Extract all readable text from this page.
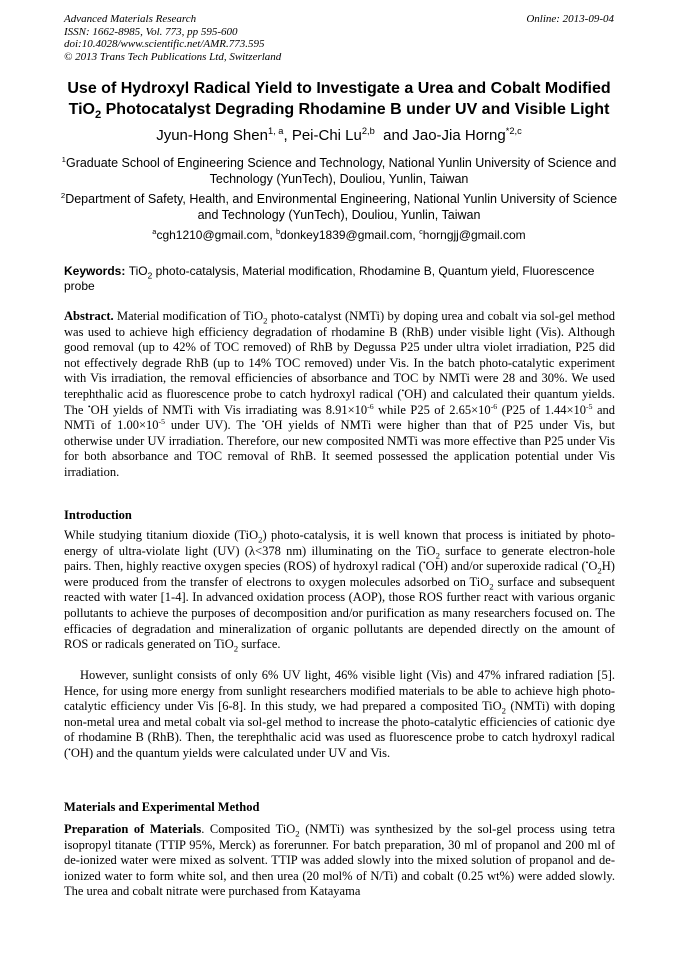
Advanced Materials Research
ISSN: 1662-8985, Vol. 773, pp 595-600
doi:10.4028/www.scientific.net/AMR.773.595
© 2013 Trans Tech Publications Ltd, Switzerland
Online: 2013-09-04
Use of Hydroxyl Radical Yield to Investigate a Urea and Cobalt Modified
TiO$_2$ Photocatalyst Degrading Rhodamine B under UV and Visible Light
Jyun-Hong Shen$^{1, a}$, Pei-Chi Lu$^{2,b}$ and Jao-Jia Horng$^{*2,c}$
$^1$Graduate School of Engineering Science and Technology, National Yunlin University of Science and Technology (YunTech), Douliou, Yunlin, Taiwan
$^2$Department of Safety, Health, and Environmental Engineering, National Yunlin University of Science and Technology (YunTech), Douliou, Yunlin, Taiwan
$^a$cgh1210@gmail.com, $^b$donkey1839@gmail.com, $^c$horngjj@gmail.com
Keywords: TiO$_2$ photo-catalysis, Material modification, Rhodamine B, Quantum yield, Fluorescence probe
Abstract. Material modification of TiO$_2$ photo-catalyst (NMTi) by doping urea and cobalt via sol-gel method was used to achieve high efficiency degradation of rhodamine B (RhB) under visible light (Vis). Although good removal (up to 42% of TOC removed) of RhB by Degussa P25 under ultra violet irradiation, P25 did not effectively degrade RhB (up to 14% TOC removed) under Vis. In the batch photo-catalytic experiment with Vis irradiation, the removal efficiencies of absorbance and TOC by NMTi were 28 and 30%. We used terephthalic acid as fluorescence probe to catch hydroxyl radical (•OH) and calculated their quantum yields. The •OH yields of NMTi with Vis irradiating was $8.91\times 10^{-6}$ while P25 of $2.65\times 10^{-6}$ (P25 of $1.44\times 10^{-5}$ and NMTi of $1.00\times 10^{-5}$ under UV). The •OH yields of NMTi were higher than that of P25 under Vis, but otherwise under UV irradiation. Therefore, our new composited NMTi was more effective than P25 under Vis for both absorbance and TOC removal of RhB. It seemed possessed the application potential under Vis irradiation.
Introduction
While studying titanium dioxide (TiO$_2$) photo-catalysis, it is well known that process is initiated by photo-energy of ultra-violate light (UV) (λ<378 nm) illuminating on the TiO$_2$ surface to generate electron-hole pairs. Then, highly reactive oxygen species (ROS) of hydroxyl radical (•OH) and/or superoxide radical $(^•O_2H)$ were produced from the transfer of electrons to oxygen molecules adsorbed on TiO$_2$ surface and subsequent reacted with water [1-4]. In advanced oxidation process (AOP), those ROS further react with various organic pollutants to achieve the purposes of decomposition and/or purification as many researchers focused on. The efficacies of degradation and mineralization of organic pollutants are depended directly on the amount of ROS or radicals generated on TiO$_2$ surface.
However, sunlight consists of only 6% UV light, 46% visible light (Vis) and 47% infrared radiation [5]. Hence, for using more energy from sunlight researchers modified materials to be able to achieve high photo-catalytic efficiency under Vis [6-8]. In this study, we had prepared a composited TiO$_2$ (NMTi) with doping non-metal urea and metal cobalt via sol-gel method to increase the photo-catalytic efficiencies of cationic dye of rhodamine B (RhB). Then, the terephthalic acid was used as fluorescence probe to catch hydroxyl radical (•OH) and the quantum yields were calculated under UV and Vis.
Materials and Experimental Method
Preparation of Materials. Composited TiO$_2$ (NMTi) was synthesized by the sol-gel process using tetra isopropyl titanate (TTIP 95%, Merck) as forerunner. For batch preparation, 30 ml of propanol and 200 ml of de-ionized water were mixed as solvent. TTIP was added slowly into the mixed solution of propanol and de-ionized water to form white sol, and then urea (20 mol% of N/Ti) and cobalt (0.25 wt%) were added slowly. The urea and cobalt nitrate were purchased from Katayama
